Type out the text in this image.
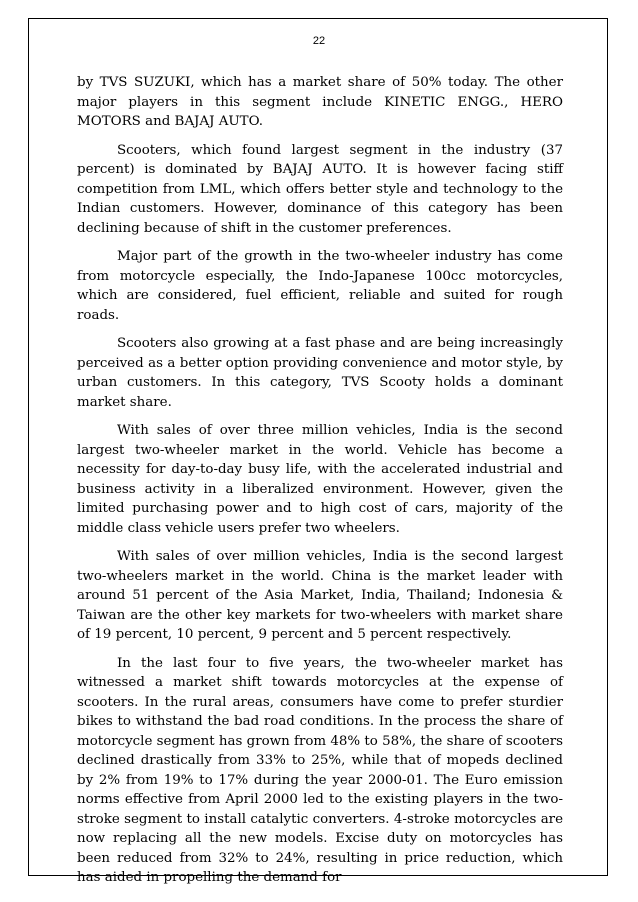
22

by TVS SUZUKI, which has a market share of 50% today. The other major players in this segment include KINETIC ENGG., HERO MOTORS and BAJAJ AUTO.

Scooters, which found largest segment in the industry (37 percent) is dominated by BAJAJ AUTO. It is however facing stiff competition from LML, which offers better style and technology to the Indian customers. However, dominance of this category has been declining because of shift in the customer preferences.

Major part of the growth in the two-wheeler industry has come from motorcycle especially, the Indo-Japanese 100cc motorcycles, which are considered, fuel efficient, reliable and suited for rough roads.

Scooters also growing at a fast phase and are being increasingly perceived as a better option providing convenience and motor style, by urban customers. In this category, TVS Scooty holds a dominant market share.

With sales of over three million vehicles, India is the second largest two-wheeler market in the world. Vehicle has become a necessity for day-to-day busy life, with the accelerated industrial and business activity in a liberalized environment. However, given the limited purchasing power and to high cost of cars, majority of the middle class vehicle users prefer two wheelers.

With sales of over million vehicles, India is the second largest two-wheelers market in the world. China is the market leader with around 51 percent of the Asia Market, India, Thailand; Indonesia & Taiwan are the other key markets for two-wheelers with market share of 19 percent, 10 percent, 9 percent and 5 percent respectively.

In the last four to five years, the two-wheeler market has witnessed a market shift towards motorcycles at the expense of scooters. In the rural areas, consumers have come to prefer sturdier bikes to withstand the bad road conditions. In the process the share of motorcycle segment has grown from 48% to 58%, the share of scooters declined drastically from 33% to 25%, while that of mopeds declined by 2% from 19% to 17% during the year 2000-01. The Euro emission norms effective from April 2000 led to the existing players in the two-stroke segment to install catalytic converters. 4-stroke motorcycles are now replacing all the new models. Excise duty on motorcycles has been reduced from 32% to 24%, resulting in price reduction, which has aided in propelling the demand for
